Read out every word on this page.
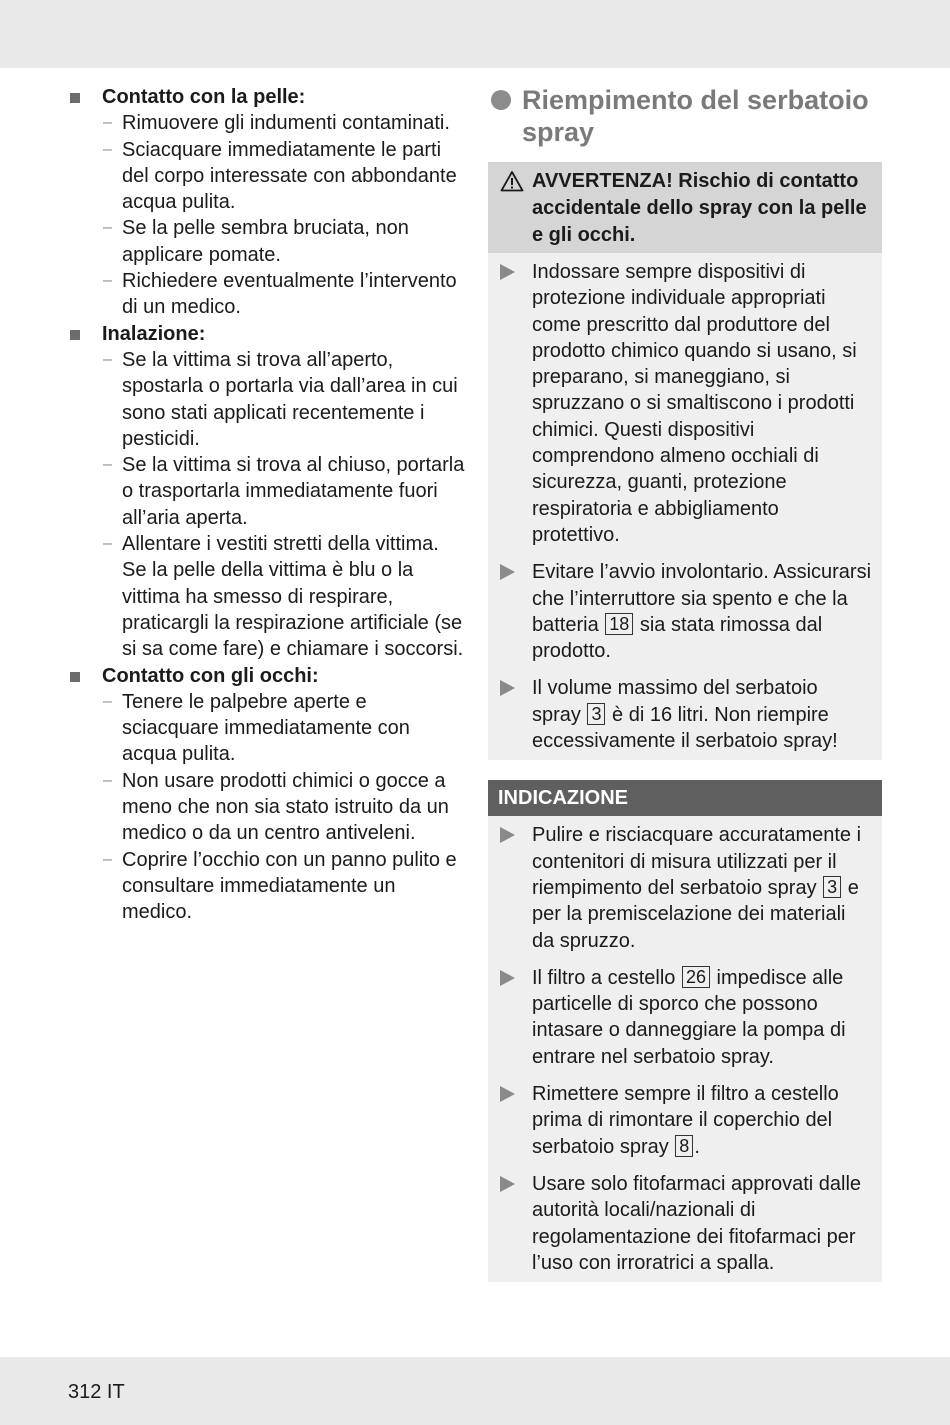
Contatto con la pelle:
– Rimuovere gli indumenti contaminati.
– Sciacquare immediatamente le parti del corpo interessate con abbondante acqua pulita.
– Se la pelle sembra bruciata, non applicare pomate.
– Richiedere eventualmente l’intervento di un medico.
Inalazione:
– Se la vittima si trova all’aperto, spostarla o portarla via dall’area in cui sono stati applicati recentemente i pesticidi.
– Se la vittima si trova al chiuso, portarla o trasportarla immediatamente fuori all’aria aperta.
– Allentare i vestiti stretti della vittima. Se la pelle della vittima è blu o la vittima ha smesso di respirare, praticargli la respirazione artificiale (se si sa come fare) e chiamare i soccorsi.
Contatto con gli occhi:
– Tenere le palpebre aperte e sciacquare immediatamente con acqua pulita.
– Non usare prodotti chimici o gocce a meno che non sia stato istruito da un medico o da un centro antiveleni.
– Coprire l’occhio con un panno pulito e consultare immediatamente un medico.
Riempimento del serbatoio spray
AVVERTENZA! Rischio di contatto accidentale dello spray con la pelle e gli occhi.
Indossare sempre dispositivi di protezione individuale appropriati come prescritto dal produttore del prodotto chimico quando si usano, si preparano, si maneggiano, si spruzzano o si smaltiscono i prodotti chimici. Questi dispositivi comprendono almeno occhiali di sicurezza, guanti, protezione respiratoria e abbigliamento protettivo.
Evitare l’avvio involontario. Assicurarsi che l’interruttore sia spento e che la batteria 18 sia stata rimossa dal prodotto.
Il volume massimo del serbatoio spray 3 è di 16 litri. Non riempire eccessivamente il serbatoio spray!
INDICAZIONE
Pulire e risciacquare accuratamente i contenitori di misura utilizzati per il riempimento del serbatoio spray 3 e per la premiscelazione dei materiali da spruzzo.
Il filtro a cestello 26 impedisce alle particelle di sporco che possono intasare o danneggiare la pompa di entrare nel serbatoio spray.
Rimettere sempre il filtro a cestello prima di rimontare il coperchio del serbatoio spray 8 .
Usare solo fitofarmaci approvati dalle autorità locali/nazionali di regolamentazione dei fitofarmaci per l’uso con irroratrici a spalla.
312 IT
